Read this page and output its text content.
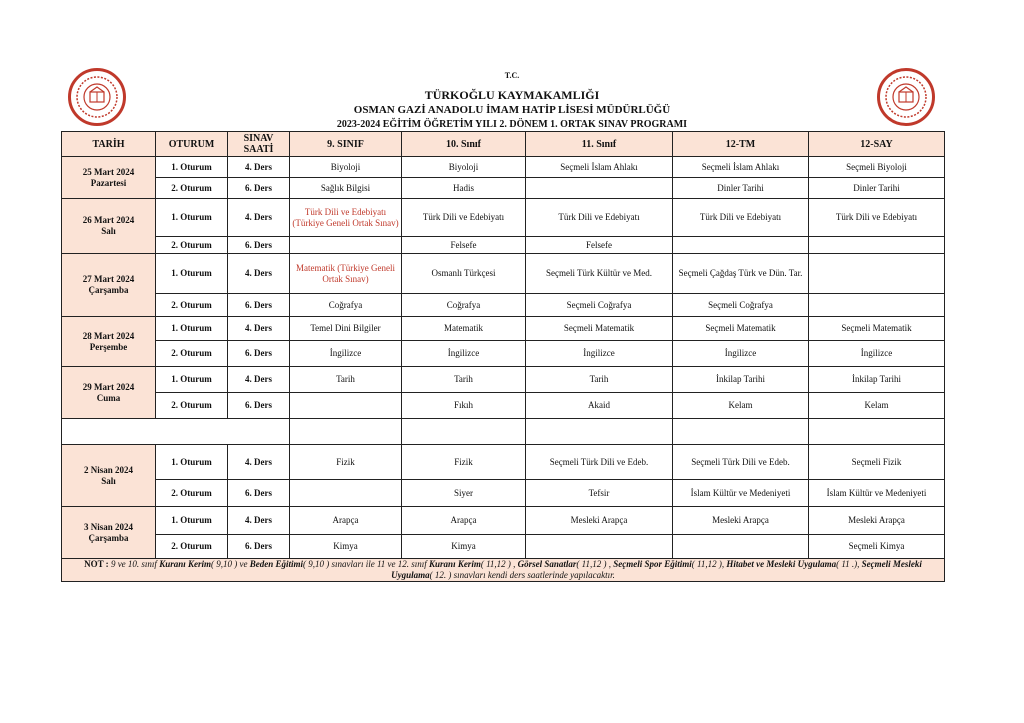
T.C.
TÜRKOĞLU KAYMAKAMLIĞI
OSMAN GAZİ ANADOLU İMAM HATİP LİSESİ MÜDÜRLÜĞÜ
2023-2024 EĞİTİM ÖĞRETİM YILI 2. DÖNEM 1. ORTAK SINAV PROGRAMI
TARİH	OTURUM	SINAV SAATİ	9. SINIF	10. Sınıf	11. Sınıf	12-TM	12-SAY
25 Mart 2024
Pazartesi	1. Oturum	4. Ders	Biyoloji	Biyoloji	Seçmeli İslam Ahlakı	Seçmeli İslam Ahlakı	Seçmeli Biyoloji
	2. Oturum	6. Ders	Sağlık Bilgisi	Hadis		Dinler Tarihi	Dinler Tarihi
26 Mart 2024
Salı	1. Oturum	4. Ders	Türk Dili ve Edebiyatı (Türkiye Geneli Ortak Sınav)	Türk Dili ve Edebiyatı	Türk Dili ve Edebiyatı	Türk Dili ve Edebiyatı	Türk Dili ve Edebiyatı
	2. Oturum	6. Ders		Felsefe	Felsefe		
27 Mart 2024
Çarşamba	1. Oturum	4. Ders	Matematik (Türkiye Geneli Ortak Sınav)	Osmanlı Türkçesi	Seçmeli Türk Kültür ve Med.	Seçmeli Çağdaş Türk ve Dün. Tar.	
	2. Oturum	6. Ders	Coğrafya	Coğrafya	Seçmeli Coğrafya	Seçmeli Coğrafya	
28 Mart 2024
Perşembe	1. Oturum	4. Ders	Temel Dini Bilgiler	Matematik	Seçmeli Matematik	Seçmeli Matematik	Seçmeli Matematik
	2. Oturum	6. Ders	İngilizce	İngilizce	İngilizce	İngilizce	İngilizce
29 Mart 2024
Cuma	1. Oturum	4. Ders	Tarih	Tarih	Tarih	İnkilap Tarihi	İnkilap Tarihi
	2. Oturum	6. Ders		Fıkıh	Akaid	Kelam	Kelam

2 Nisan 2024
Salı	1. Oturum	4. Ders	Fizik	Fizik	Seçmeli Türk Dili ve Edeb.	Seçmeli Türk Dili ve Edeb.	Seçmeli Fizik
	2. Oturum	6. Ders		Siyer	Tefsir	İslam Kültür ve Medeniyeti	İslam Kültür ve Medeniyeti
3 Nisan 2024
Çarşamba	1. Oturum	4. Ders	Arapça	Arapça	Mesleki Arapça	Mesleki Arapça	Mesleki Arapça
	2. Oturum	6. Ders	Kimya	Kimya			Seçmeli Kimya
NOT : 9 ve 10. sınıf Kuranı Kerim( 9,10 ) ve Beden Eğitimi( 9,10 ) sınavları ile 11 ve 12. sınıf Kuranı Kerim( 11,12 ) , Görsel Sanatlar( 11,12 ) , Seçmeli Spor Eğitimi( 11,12 ), Hitabet ve Mesleki Uygulama( 11 .), Seçmeli Mesleki Uygulama( 12. ) sınavları kendi ders saatlerinde yapılacaktır.							
